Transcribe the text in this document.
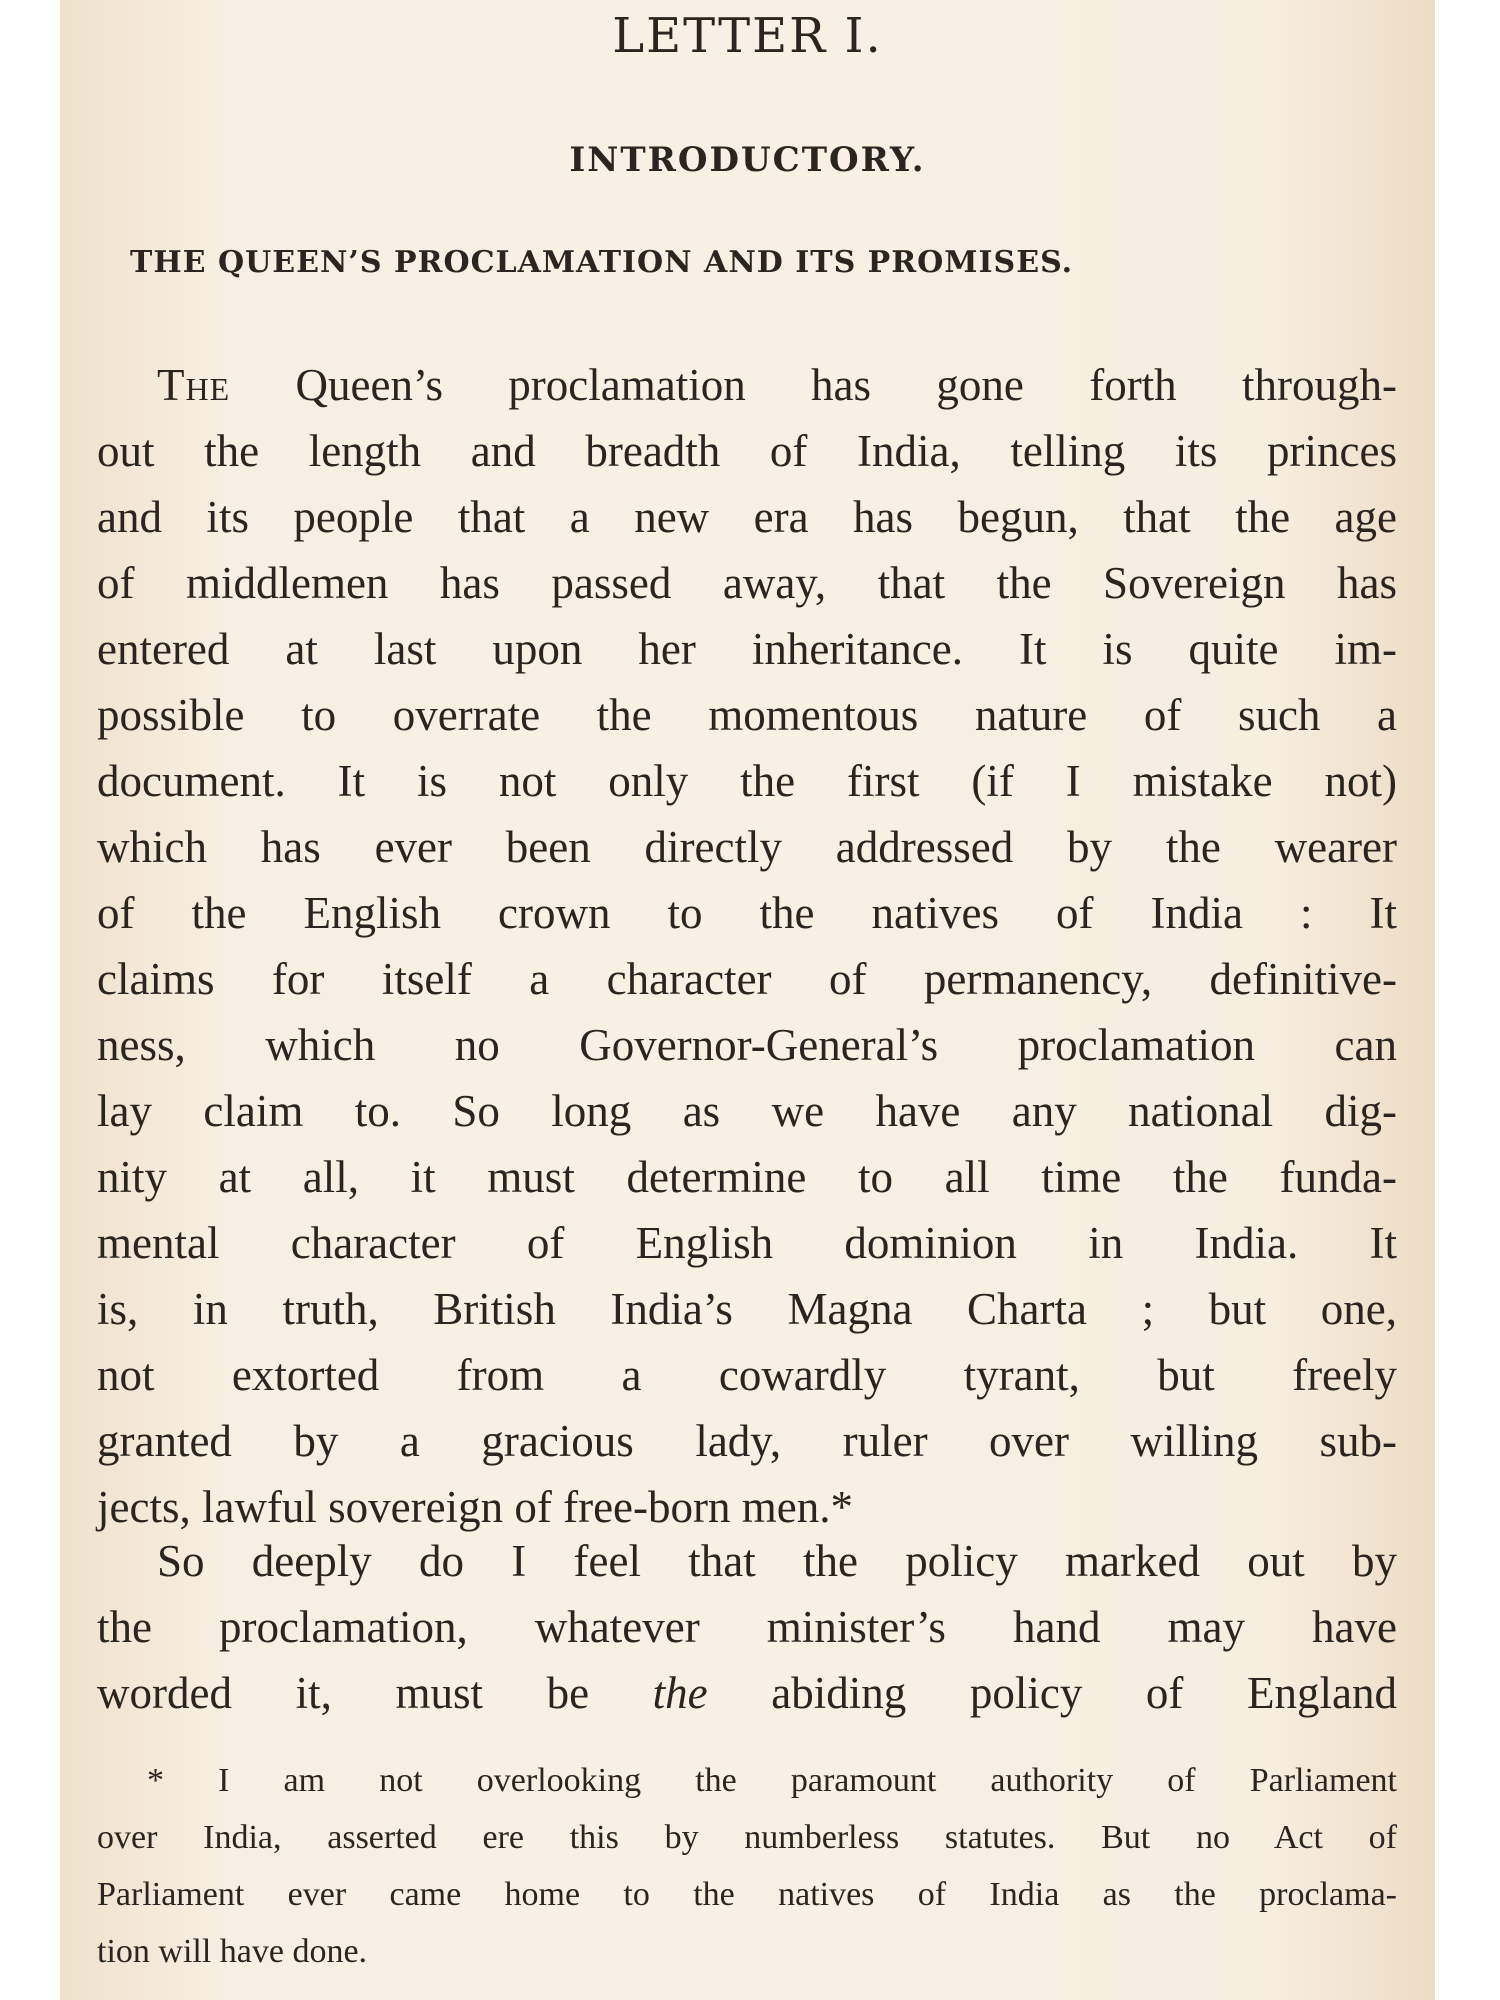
LETTER I.
INTRODUCTORY.
THE QUEEN’S PROCLAMATION AND ITS PROMISES.
The Queen’s proclamation has gone forth through-
out the length and breadth of India, telling its princes
and its people that a new era has begun, that the age
of middlemen has passed away, that the Sovereign has
entered at last upon her inheritance. It is quite im-
possible to overrate the momentous nature of such a
document. It is not only the first (if I mistake not)
which has ever been directly addressed by the wearer
of the English crown to the natives of India : It
claims for itself a character of permanency, definitive-
ness, which no Governor-General’s proclamation can
lay claim to. So long as we have any national dig-
nity at all, it must determine to all time the funda-
mental character of English dominion in India. It
is, in truth, British India’s Magna Charta ; but one,
not extorted from a cowardly tyrant, but freely
granted by a gracious lady, ruler over willing sub-
jects, lawful sovereign of free-born men.*
So deeply do I feel that the policy marked out by
the proclamation, whatever minister’s hand may have
worded it, must be the abiding policy of England
* I am not overlooking the paramount authority of Parliament
over India, asserted ere this by numberless statutes. But no Act of
Parliament ever came home to the natives of India as the proclama-
tion will have done.
